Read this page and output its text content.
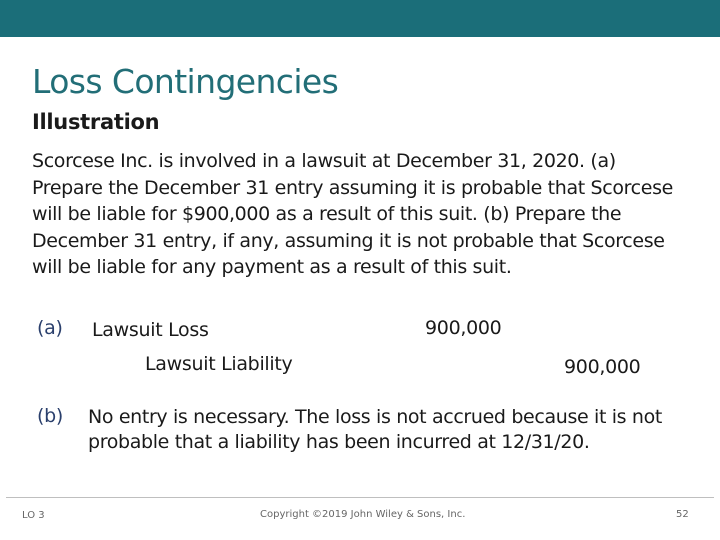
Loss Contingencies
Illustration
Scorcese Inc. is involved in a lawsuit at December 31, 2020. (a) Prepare the December 31 entry assuming it is probable that Scorcese will be liable for $900,000 as a result of this suit. (b) Prepare the December 31 entry, if any, assuming it is not probable that Scorcese will be liable for any payment as a result of this suit.
(a) Lawsuit Loss	900,000
Lawsuit Liability	900,000
(b) No entry is necessary. The loss is not accrued because it is not probable that a liability has been incurred at 12/31/20.
LO 3	Copyright ©2019 John Wiley & Sons, Inc.	52
